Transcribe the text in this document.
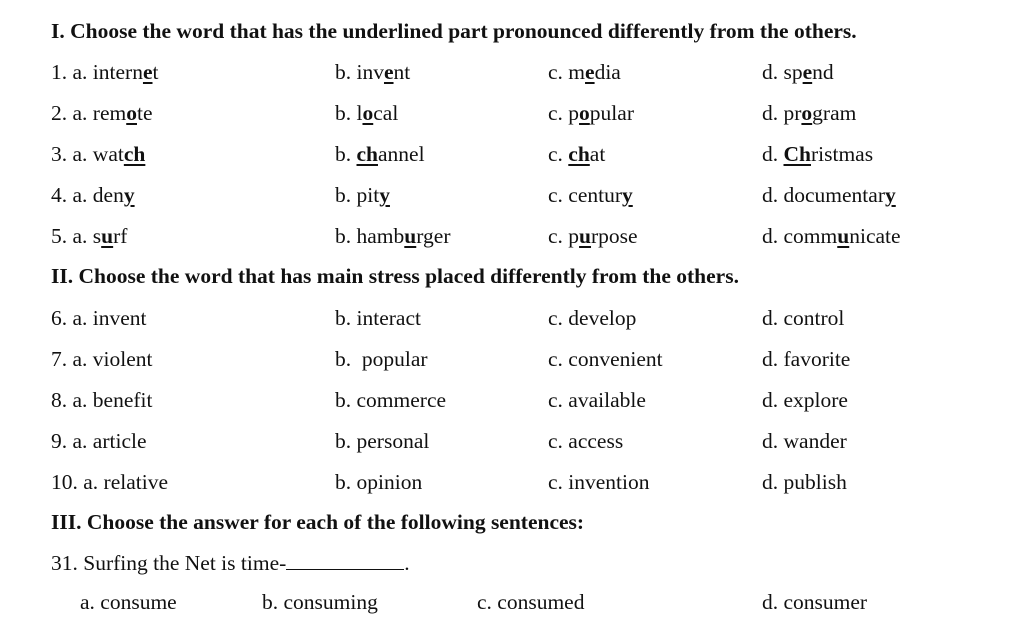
I. Choose the word that has the underlined part pronounced differently from the others.
1. a. internet	b. invent	c. media	d. spend
2. a. remote	b. local	c. popular	d. program
3. a. watch	b. channel	c. chat	d. Christmas
4. a. deny	b. pity	c. century	d. documentary
5. a. surf	b. hamburger	c. purpose	d. communicate
II. Choose the word that has main stress placed differently from the others.
6. a. invent	b. interact	c. develop	d. control
7. a. violent	b.  popular	c. convenient	d. favorite
8. a. benefit	b. commerce	c. available	d. explore
9. a. article	b. personal	c. access	d. wander
10. a. relative	b. opinion	c. invention	d. publish
III. Choose the answer for each of the following sentences:
31. Surfing the Net is time-	.
a. consume	b. consuming	c. consumed	d. consumer
